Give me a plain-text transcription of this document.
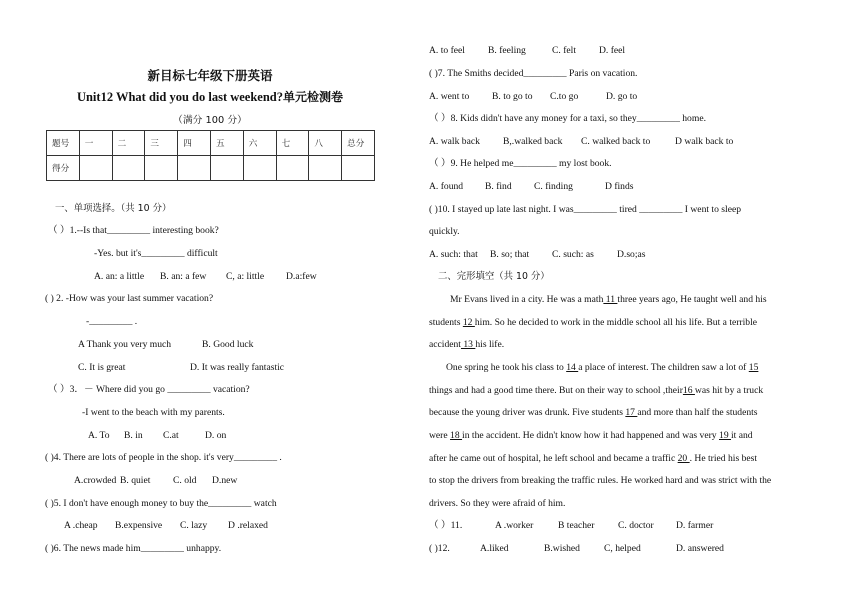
新目标七年级下册英语
Unit12 What did you do last weekend?单元检测卷
（满分 100 分）
题号	一	二	三	四	五	六	七	八	总分
得分									
一、单项选择。（共 10 分）
（ ）1.--Is that_________ interesting book?
-Yes. but it's_________ difficult
A. an: a little B. an: a few C, a: little D.a:few
( ) 2. -How was your last summer vacation?
-_________ .
A Thank you very much	B. Good luck
C. It is great	D. It was really fantastic
（ ）3．－ Where did you go _________ vacation?
-I went to the beach with my parents.
A. To B. in C.at	D. on
( )4. There are lots of people in the shop. it's very_________ .
A.crowded B. quiet C. old D.new
( )5. I don't have enough money to buy the_________ watch
A .cheap B.expensive C. lazy D .relaxed
( )6. The news made him_________ unhappy.
A. to feel B. feeling	C. felt D. feel
( )7. The Smiths decided_________ Paris on vacation.
A. went to B. to go to C.to go	D. go to
（ ）8. Kids didn't have any money for a taxi, so they_________ home.
A. walk back B,.walked back C. walked back to	D walk back to
（ ）9. He helped me_________ my lost book.
A. found B. find C. finding	D finds
( )10. I stayed up late last night. I was_________ tired _________ I went to sleep
quickly.
A. such: that B. so; that C. such: as D.so;as
二、完形填空（共 10 分）
Mr Evans lived in a city. He was a math 11 three years ago, He taught well and his
students 12 him. So he decided to work in the middle school all his life. But a terrible
accident 13 his life.
One spring he took his class to 14 a place of interest. The children saw a lot of 15
things and had a good time there. But on their way to school ,their16 was hit by a truck
because the young driver was drunk. Five students 17 and more than half the students
were 18 in the accident. He didn't know how it had happened and was very 19 it and
after he came out of hospital, he left school and became a traffic 20 . He tried his best
to stop the drivers from breaking the traffic rules. He worked hard and was strict with the
drivers. So they were afraid of him.
（ ）11.	A .worker	B teacher C. doctor D. farmer
( )12.	A.liked	B.wished	C, helped	D. answered
